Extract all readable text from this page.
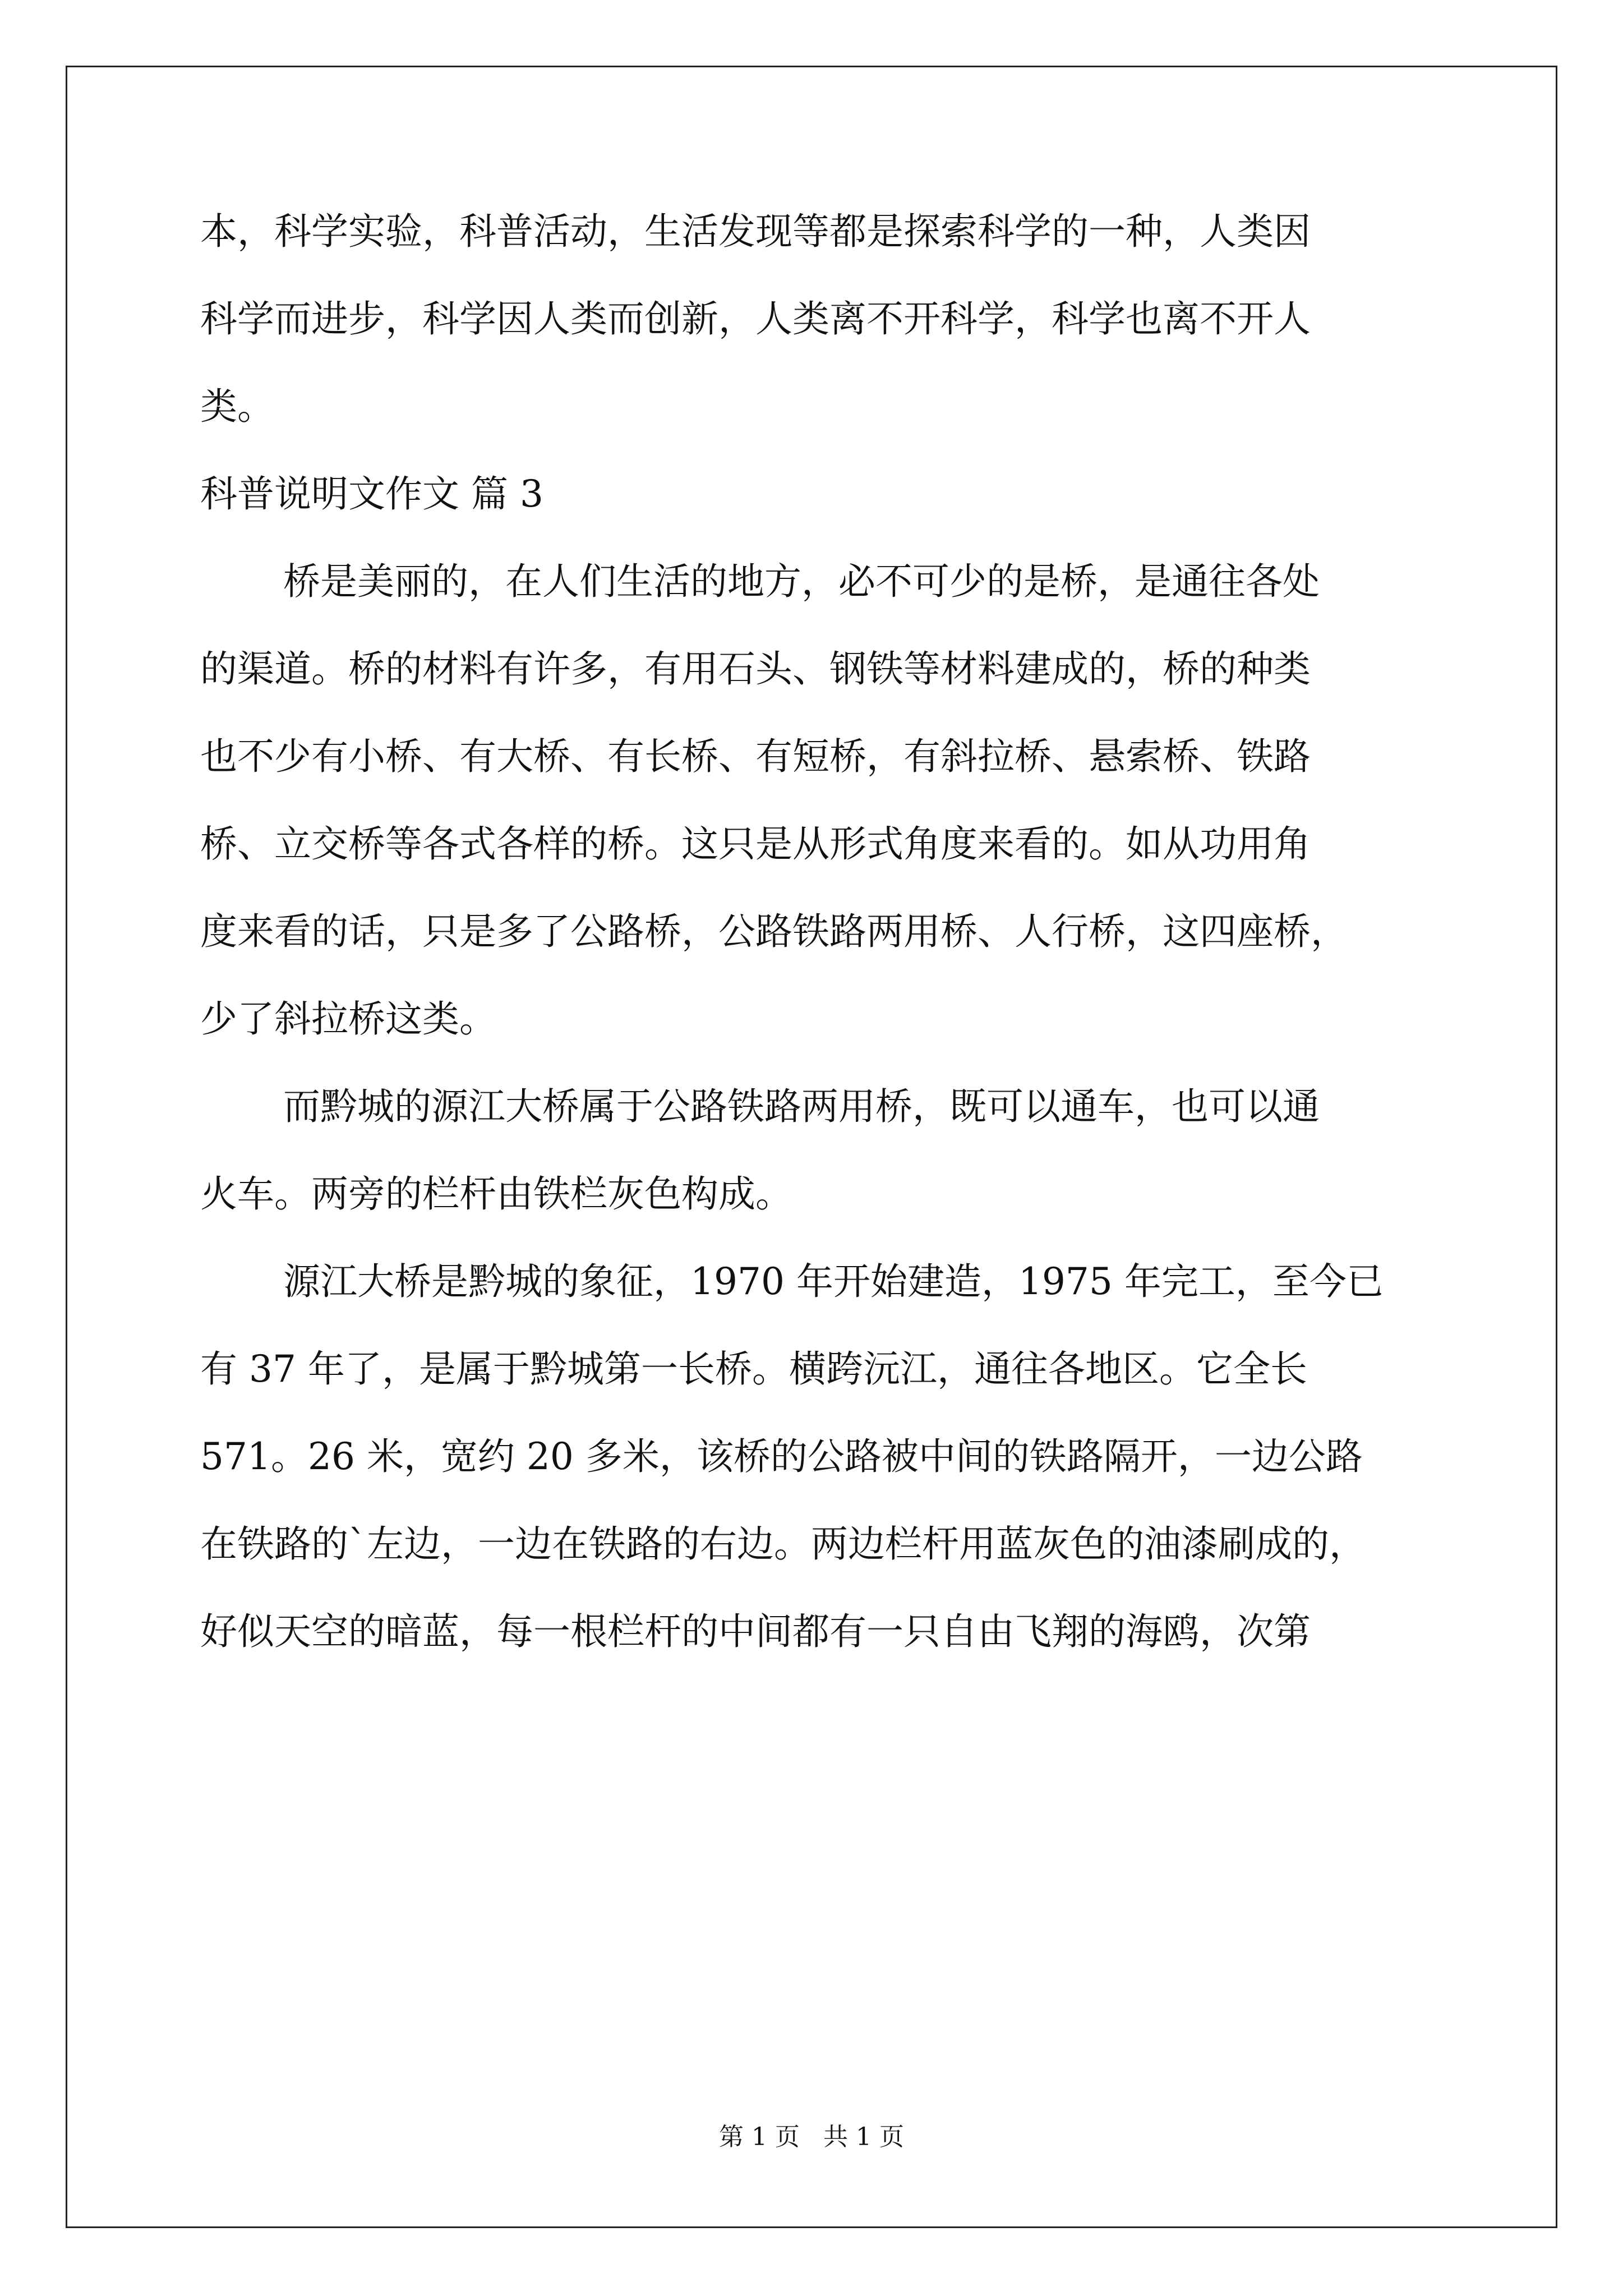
本，科学实验，科普活动，生活发现等都是探索科学的一种，人类因

科学而进步，科学因人类而创新，人类离不开科学，科学也离不开人

类。

科普说明文作文 篇 3

桥是美丽的，在人们生活的地方，必不可少的是桥，是通往各处

的渠道。桥的材料有许多，有用石头、钢铁等材料建成的，桥的种类

也不少有小桥、有大桥、有长桥、有短桥，有斜拉桥、悬索桥、铁路

桥、立交桥等各式各样的桥。这只是从形式角度来看的。如从功用角

度来看的话，只是多了公路桥，公路铁路两用桥、人行桥，这四座桥，

少了斜拉桥这类。

而黔城的源江大桥属于公路铁路两用桥，既可以通车，也可以通

火车。两旁的栏杆由铁栏灰色构成。

源江大桥是黔城的象征，1970 年开始建造，1975 年完工，至今已

有 37 年了，是属于黔城第一长桥。横跨沅江，通往各地区。它全长

571。26 米，宽约 20 多米，该桥的公路被中间的铁路隔开，一边公路

在铁路的`左边，一边在铁路的右边。两边栏杆用蓝灰色的油漆刷成的，

好似天空的暗蓝，每一根栏杆的中间都有一只自由飞翔的海鸥，次第

第 1 页   共 1 页
